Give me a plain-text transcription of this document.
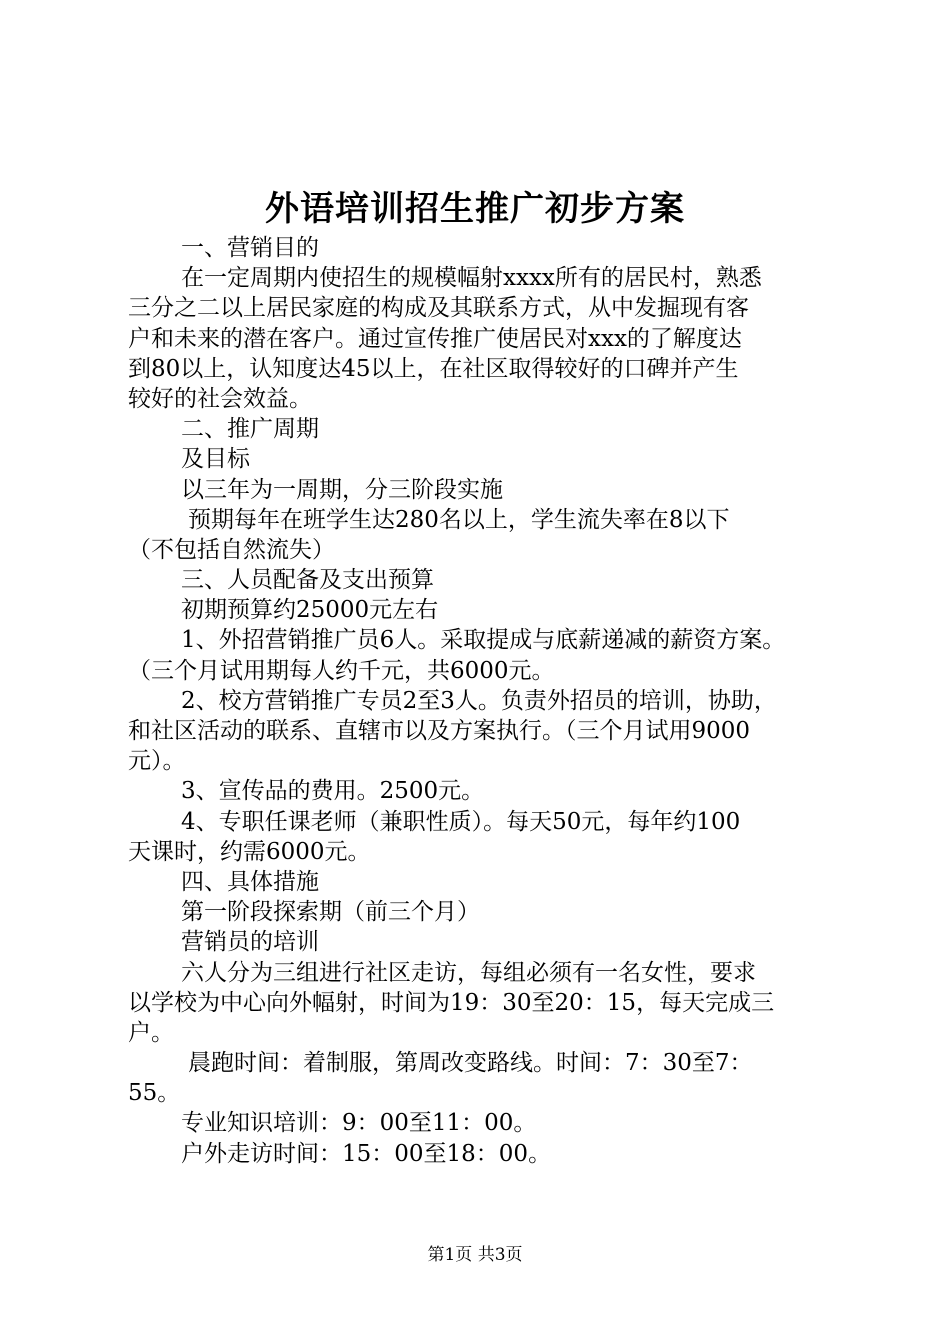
外语培训招生推广初步方案
一、营销目的
在一定周期内使招生的规模幅射xxxx所有的居民村，熟悉
三分之二以上居民家庭的构成及其联系方式，从中发掘现有客
户和未来的潜在客户。通过宣传推广使居民对xxx的了解度达
到80以上，认知度达45以上，在社区取得较好的口碑并产生
较好的社会效益。
二、推广周期
及目标
以三年为一周期，分三阶段实施
预期每年在班学生达280名以上，学生流失率在8以下
（不包括自然流失）
三、人员配备及支出预算
初期预算约25000元左右
1、外招营销推广员6人。采取提成与底薪递减的薪资方案。
（三个月试用期每人约千元，共6000元。
2、校方营销推广专员2至3人。负责外招员的培训，协助，
和社区活动的联系、直辖市以及方案执行。（三个月试用9000
元）。
3、宣传品的费用。2500元。
4、专职任课老师（兼职性质）。每天50元，每年约100
天课时，约需6000元。
四、具体措施
第一阶段探索期（前三个月）
营销员的培训
六人分为三组进行社区走访，每组必须有一名女性，要求
以学校为中心向外幅射，时间为19：30至20：15，每天完成三
户。
晨跑时间：着制服，第周改变路线。时间：7：30至7：
55。
专业知识培训：9：00至11：00。
户外走访时间：15：00至18：00。
第1页 共3页
